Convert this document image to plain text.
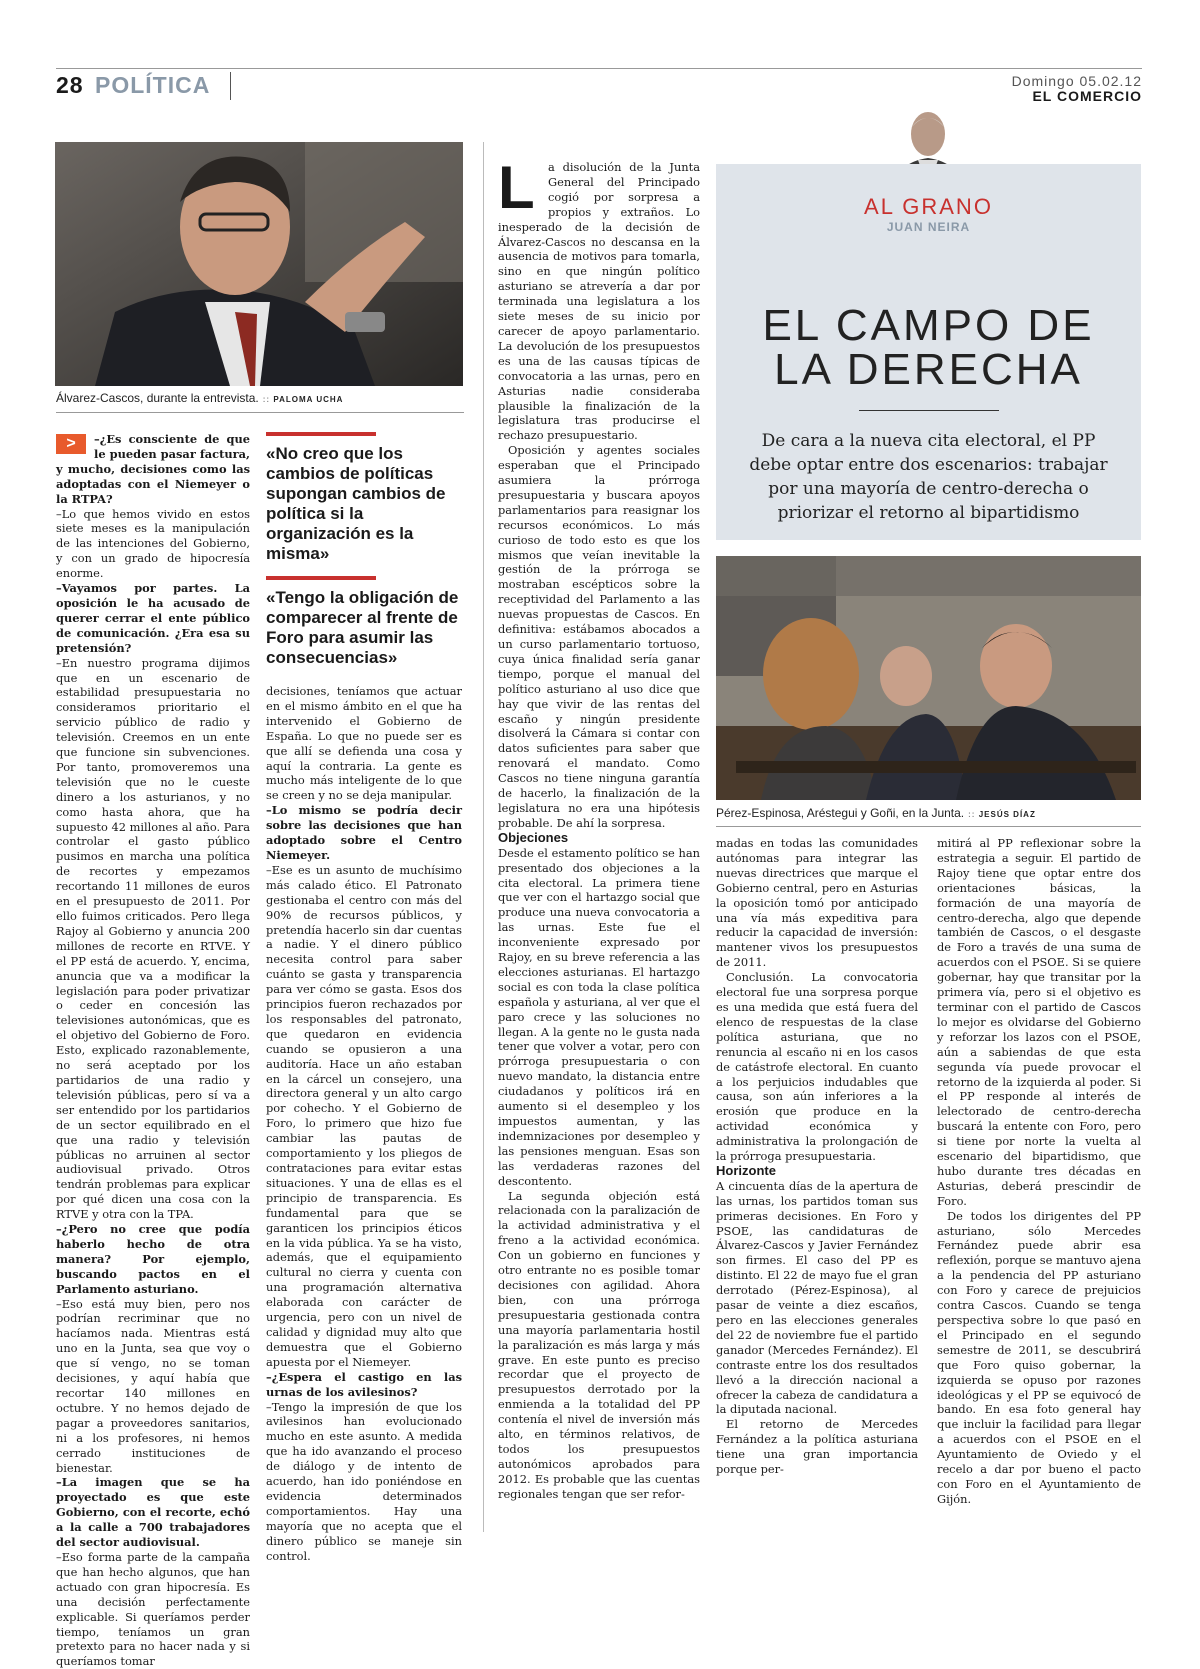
28 POLÍTICA	Domingo 05.02.12
EL COMERCIO
Álvarez-Cascos, durante la entrevista. :: PALOMA UCHA
>	–¿Es consciente de que le pueden pasar factura, y mucho, decisiones como las adoptadas con el Niemeyer o la RTPA?

–Lo que hemos vivido en estos siete meses es la manipulación de las intenciones del Gobierno, y con un grado de hipocresía enorme.

–Vayamos por partes. La oposición le ha acusado de querer cerrar el ente público de comunicación. ¿Era esa su pretensión?

–En nuestro programa dijimos que en un escenario de estabilidad presupuestaria no consideramos prioritario el servicio público de radio y televisión. Creemos en un ente que funcione sin subvenciones. Por tanto, promoveremos una televisión que no le cueste dinero a los asturianos, y no como hasta ahora, que ha supuesto 42 millones al año. Para controlar el gasto público pusimos en marcha una política de recortes y empezamos recortando 11 millones de euros en el presupuesto de 2011. Por ello fuimos criticados. Pero llega Rajoy al Gobierno y anuncia 200 millones de recorte en RTVE. Y el PP está de acuerdo. Y, encima, anuncia que va a modificar la legislación para poder privatizar o ceder en concesión las televisiones autonómicas, que es el objetivo del Gobierno de Foro. Esto, explicado razonablemente, no será aceptado por los partidarios de una radio y televisión públicas, pero sí va a ser entendido por los partidarios de un sector equilibrado en el que una radio y televisión públicas no arruinen al sector audiovisual privado. Otros tendrán problemas para explicar por qué dicen una cosa con la RTVE y otra con la TPA.

–¿Pero no cree que podía haberlo hecho de otra manera? Por ejemplo, buscando pactos en el Parlamento asturiano.

–Eso está muy bien, pero nos podrían recriminar que no hacíamos nada. Mientras está uno en la Junta, sea que voy o que sí vengo, no se toman decisiones, y aquí había que recortar 140 millones en octubre. Y no hemos dejado de pagar a proveedores sanitarios, ni a los profesores, ni hemos cerrado instituciones de bienestar.

–La imagen que se ha proyectado es que este Gobierno, con el recorte, echó a la calle a 700 trabajadores del sector audiovisual.

–Eso forma parte de la campaña que han hecho algunos, que han actuado con gran hipocresía. Es una decisión perfectamente explicable. Si queríamos perder tiempo, teníamos un gran pretexto para no hacer nada y si queríamos tomar

«No creo que los cambios de políticas supongan cambios de política si la organización es la misma»
«Tengo la obligación de comparecer al frente de Foro para asumir las consecuencias»

decisiones, teníamos que actuar en el mismo ámbito en el que ha intervenido el Gobierno de España. Lo que no puede ser es que allí se defienda una cosa y aquí la contraria. La gente es mucho más inteligente de lo que se creen y no se deja manipular.

–Lo mismo se podría decir sobre las decisiones que han adoptado sobre el Centro Niemeyer.

–Ese es un asunto de muchísimo más calado ético. El Patronato gestionaba el centro con más del 90% de recursos públicos, y pretendía hacerlo sin dar cuentas a nadie. Y el dinero público necesita control para saber cuánto se gasta y transparencia para ver cómo se gasta. Esos dos principios fueron rechazados por los responsables del patronato, que quedaron en evidencia cuando se opusieron a una auditoría. Hace un año estaban en la cárcel un consejero, una directora general y un alto cargo por cohecho. Y el Gobierno de Foro, lo primero que hizo fue cambiar las pautas de comportamiento y los pliegos de contrataciones para evitar estas situaciones. Y una de ellas es el principio de transparencia. Es fundamental para que se garanticen los principios éticos en la vida pública. Ya se ha visto, además, que el equipamiento cultural no cierra y cuenta con una programación alternativa elaborada con carácter de urgencia, pero con un nivel de calidad y dignidad muy alto que demuestra que el Gobierno apuesta por el Niemeyer.

–¿Espera el castigo en las urnas de los avilesinos?

–Tengo la impresión de que los avilesinos han evolucionado mucho en este asunto. A medida que ha ido avanzando el proceso de diálogo y de intento de acuerdo, han ido poniéndose en evidencia determinados comportamientos. Hay una mayoría que no acepta que el dinero público se maneje sin control.

L	a disolución de la Junta General del Principado cogió por sorpresa a propios y extraños. Lo inesperado de la decisión de Álvarez-Cascos no descansa en la ausencia de motivos para tomarla, sino en que ningún político asturiano se atrevería a dar por terminada una legislatura a los siete meses de su inicio por carecer de apoyo parlamentario. La devolución de los presupuestos es una de las causas típicas de convocatoria a las urnas, pero en Asturias nadie consideraba plausible la finalización de la legislatura tras producirse el rechazo presupuestario.

Oposición y agentes sociales esperaban que el Principado asumiera la prórroga presupuestaria y buscara apoyos parlamentarios para reasignar los recursos económicos. Lo más curioso de todo esto es que los mismos que veían inevitable la gestión de la prórroga se mostraban escépticos sobre la receptividad del Parlamento a las nuevas propuestas de Cascos. En definitiva: estábamos abocados a un curso parlamentario tortuoso, cuya única finalidad sería ganar tiempo, porque el manual del político asturiano al uso dice que hay que vivir de las rentas del escaño y ningún presidente disolverá la Cámara si contar con datos suficientes para saber que renovará el mandato. Como Cascos no tiene ninguna garantía de hacerlo, la finalización de la legislatura no era una hipótesis probable. De ahí la sorpresa.

Objeciones

Desde el estamento político se han presentado dos objeciones a la cita electoral. La primera tiene que ver con el hartazgo social que produce una nueva convocatoria a las urnas. Este fue el inconveniente expresado por Rajoy, en su breve referencia a las elecciones asturianas. El hartazgo social es con toda la clase política española y asturiana, al ver que el paro crece y las soluciones no llegan. A la gente no le gusta nada tener que volver a votar, pero con prórroga presupuestaria o con nuevo mandato, la distancia entre ciudadanos y políticos irá en aumento si el desempleo y los impuestos aumentan, y las indemnizaciones por desempleo y las pensiones menguan. Esas son las verdaderas razones del descontento.

La segunda objeción está relacionada con la paralización de la actividad administrativa y el freno a la actividad económica. Con un gobierno en funciones y otro entrante no es posible tomar decisiones con agilidad. Ahora bien, con una prórroga presupuestaria gestionada contra una mayoría parlamentaria hostil la paralización es más larga y más grave. En este punto es preciso recordar que el proyecto de presupuestos derrotado por la enmienda a la totalidad del PP contenía el nivel de inversión más alto, en términos relativos, de todos los presupuestos autonómicos aprobados para 2012. Es probable que las cuentas regionales tengan que ser refor-

AL GRANO
JUAN NEIRA
EL CAMPO DE
LA DERECHA
De cara a la nueva cita electoral, el PP debe optar entre dos escenarios: trabajar por una mayoría de centro-derecha o priorizar el retorno al bipartidismo
Pérez-Espinosa, Aréstegui y Goñi, en la Junta. :: JESÚS DÍAZ

madas en todas las comunidades autónomas para integrar las nuevas directrices que marque el Gobierno central, pero en Asturias la oposición tomó por anticipado una vía más expeditiva para reducir la capacidad de inversión: mantener vivos los presupuestos de 2011.

Conclusión. La convocatoria electoral fue una sorpresa porque es una medida que está fuera del elenco de respuestas de la clase política asturiana, que no renuncia al escaño ni en los casos de catástrofe electoral. En cuanto a los perjuicios indudables que causa, son aún inferiores a la erosión que produce en la actividad económica y administrativa la prolongación de la prórroga presupuestaria.

Horizonte

A cincuenta días de la apertura de las urnas, los partidos toman sus primeras decisiones. En Foro y PSOE, las candidaturas de Álvarez-Cascos y Javier Fernández son firmes. El caso del PP es distinto. El 22 de mayo fue el gran derrotado (Pérez-Espinosa), al pasar de veinte a diez escaños, pero en las elecciones generales del 22 de noviembre fue el partido ganador (Mercedes Fernández). El contraste entre los dos resultados llevó a la dirección nacional a ofrecer la cabeza de candidatura a la diputada nacional.

El retorno de Mercedes Fernández a la política asturiana tiene una gran importancia porque per-

mitirá al PP reflexionar sobre la estrategia a seguir. El partido de Rajoy tiene que optar entre dos orientaciones básicas, la formación de una mayoría de centro-derecha, algo que depende también de Cascos, o el desgaste de Foro a través de una suma de acuerdos con el PSOE. Si se quiere gobernar, hay que transitar por la primera vía, pero si el objetivo es terminar con el partido de Cascos lo mejor es olvidarse del Gobierno y reforzar los lazos con el PSOE, aún a sabiendas de que esta segunda vía puede provocar el retorno de la izquierda al poder. Si el PP responde al interés de lelectorado de centro-derecha buscará la entente con Foro, pero si tiene por norte la vuelta al escenario del bipartidismo, que hubo durante tres décadas en Asturias, deberá prescindir de Foro.

De todos los dirigentes del PP asturiano, sólo Mercedes Fernández puede abrir esa reflexión, porque se mantuvo ajena a la pendencia del PP asturiano con Foro y carece de prejuicios contra Cascos. Cuando se tenga perspectiva sobre lo que pasó en el Principado en el segundo semestre de 2011, se descubrirá que Foro quiso gobernar, la izquierda se opuso por razones ideológicas y el PP se equivocó de bando. En esa foto general hay que incluir la facilidad para llegar a acuerdos con el PSOE en el Ayuntamiento de Oviedo y el recelo a dar por bueno el pacto con Foro en el Ayuntamiento de Gijón.
